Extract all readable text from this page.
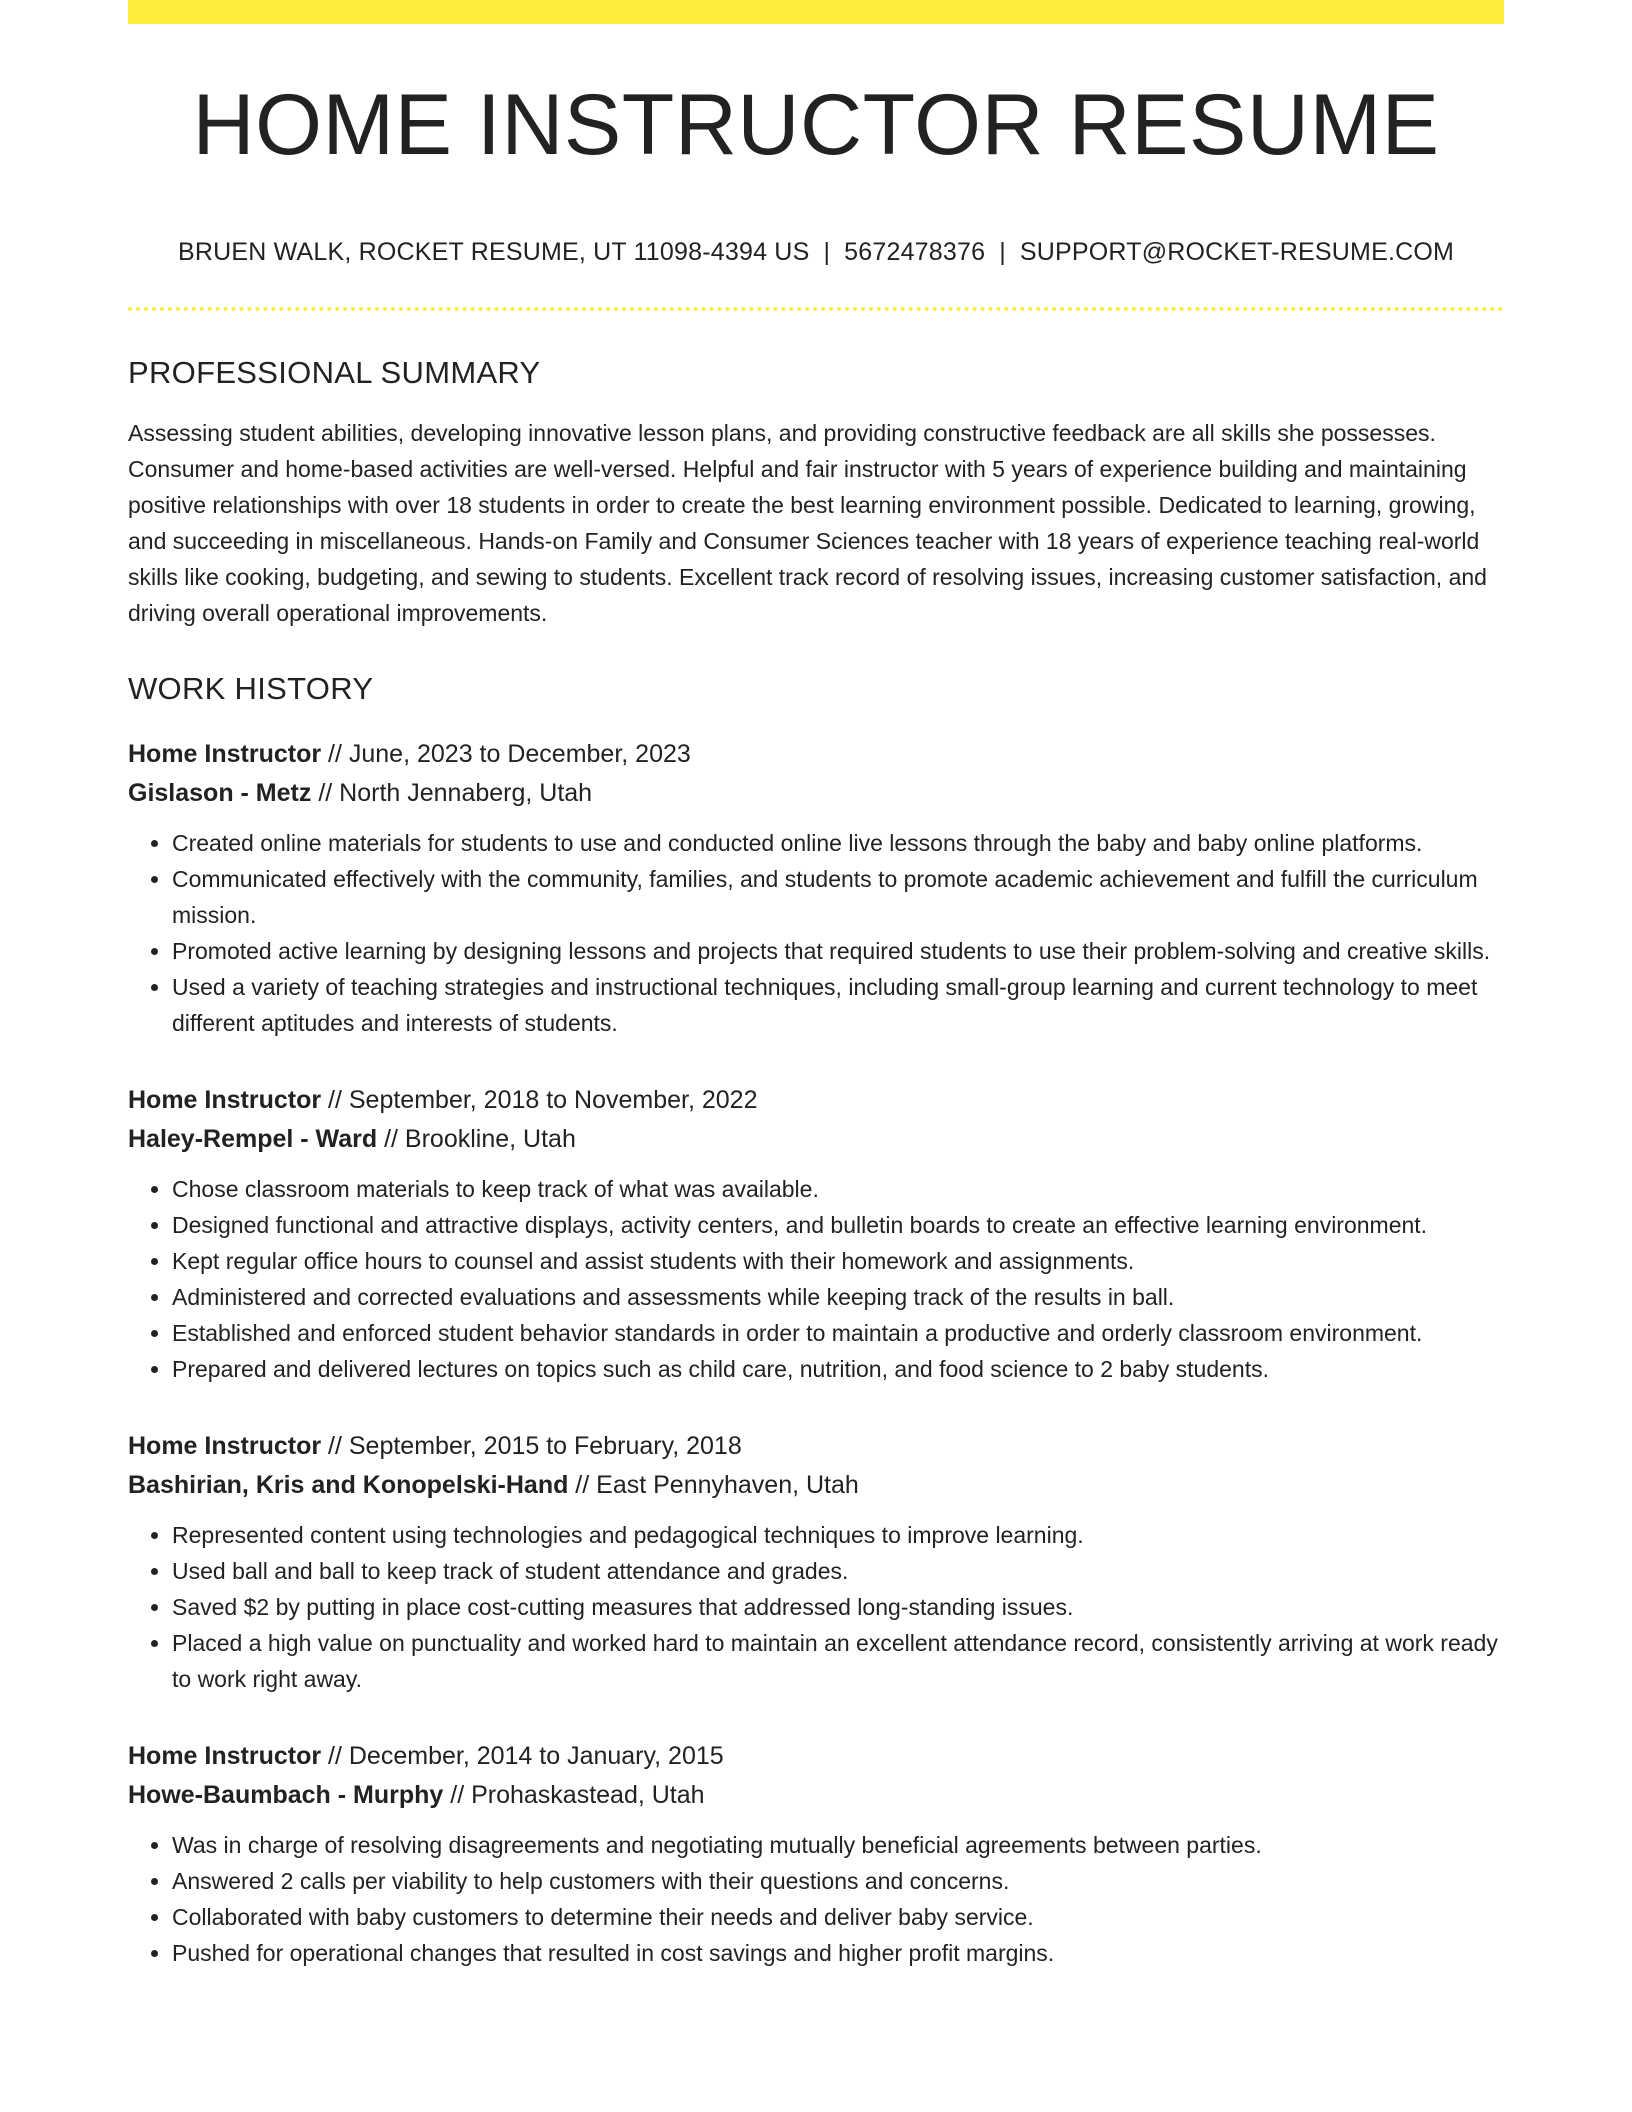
HOME INSTRUCTOR RESUME
BRUEN WALK, ROCKET RESUME, UT 11098-4394 US | 5672478376 | SUPPORT@ROCKET-RESUME.COM
PROFESSIONAL SUMMARY

Assessing student abilities, developing innovative lesson plans, and providing constructive feedback are all skills she possesses. Consumer and home-based activities are well-versed. Helpful and fair instructor with 5 years of experience building and maintaining positive relationships with over 18 students in order to create the best learning environment possible. Dedicated to learning, growing, and succeeding in miscellaneous. Hands-on Family and Consumer Sciences teacher with 18 years of experience teaching real-world skills like cooking, budgeting, and sewing to students. Excellent track record of resolving issues, increasing customer satisfaction, and driving overall operational improvements.

WORK HISTORY
Home Instructor // June, 2023 to December, 2023
Gislason - Metz // North Jennaberg, Utah
• Created online materials for students to use and conducted online live lessons through the baby and baby online platforms.
• Communicated effectively with the community, families, and students to promote academic achievement and fulfill the curriculum mission.
• Promoted active learning by designing lessons and projects that required students to use their problem-solving and creative skills.
• Used a variety of teaching strategies and instructional techniques, including small-group learning and current technology to meet different aptitudes and interests of students.
Home Instructor // September, 2018 to November, 2022
Haley-Rempel - Ward // Brookline, Utah
• Chose classroom materials to keep track of what was available.
• Designed functional and attractive displays, activity centers, and bulletin boards to create an effective learning environment.
• Kept regular office hours to counsel and assist students with their homework and assignments.
• Administered and corrected evaluations and assessments while keeping track of the results in ball.
• Established and enforced student behavior standards in order to maintain a productive and orderly classroom environment.
• Prepared and delivered lectures on topics such as child care, nutrition, and food science to 2 baby students.
Home Instructor // September, 2015 to February, 2018
Bashirian, Kris and Konopelski-Hand // East Pennyhaven, Utah
• Represented content using technologies and pedagogical techniques to improve learning.
• Used ball and ball to keep track of student attendance and grades.
• Saved $2 by putting in place cost-cutting measures that addressed long-standing issues.
• Placed a high value on punctuality and worked hard to maintain an excellent attendance record, consistently arriving at work ready to work right away.
Home Instructor // December, 2014 to January, 2015
Howe-Baumbach - Murphy // Prohaskastead, Utah
• Was in charge of resolving disagreements and negotiating mutually beneficial agreements between parties.
• Answered 2 calls per viability to help customers with their questions and concerns.
• Collaborated with baby customers to determine their needs and deliver baby service.
• Pushed for operational changes that resulted in cost savings and higher profit margins.
